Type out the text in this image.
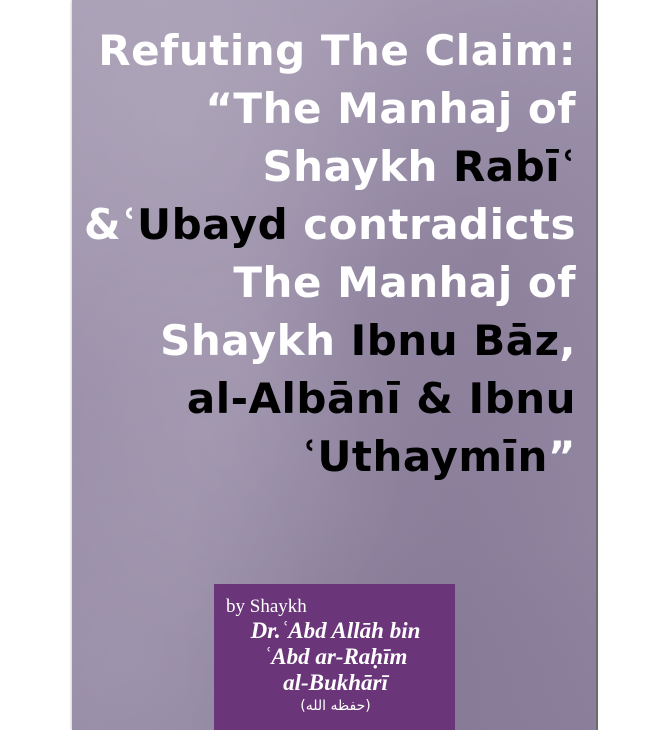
Refuting The Claim:
“The Manhaj of
Shaykh Rabīʿ
&ʿUbayd contradicts
The Manhaj of
Shaykh Ibnu Bāz,
al-Albānī & Ibnu
ʿUthaymīn”
by Shaykh
Dr.ʿAbd Allāh bin
ʿAbd ar-Raḥīm
al-Bukhārī
(حفظه الله)
